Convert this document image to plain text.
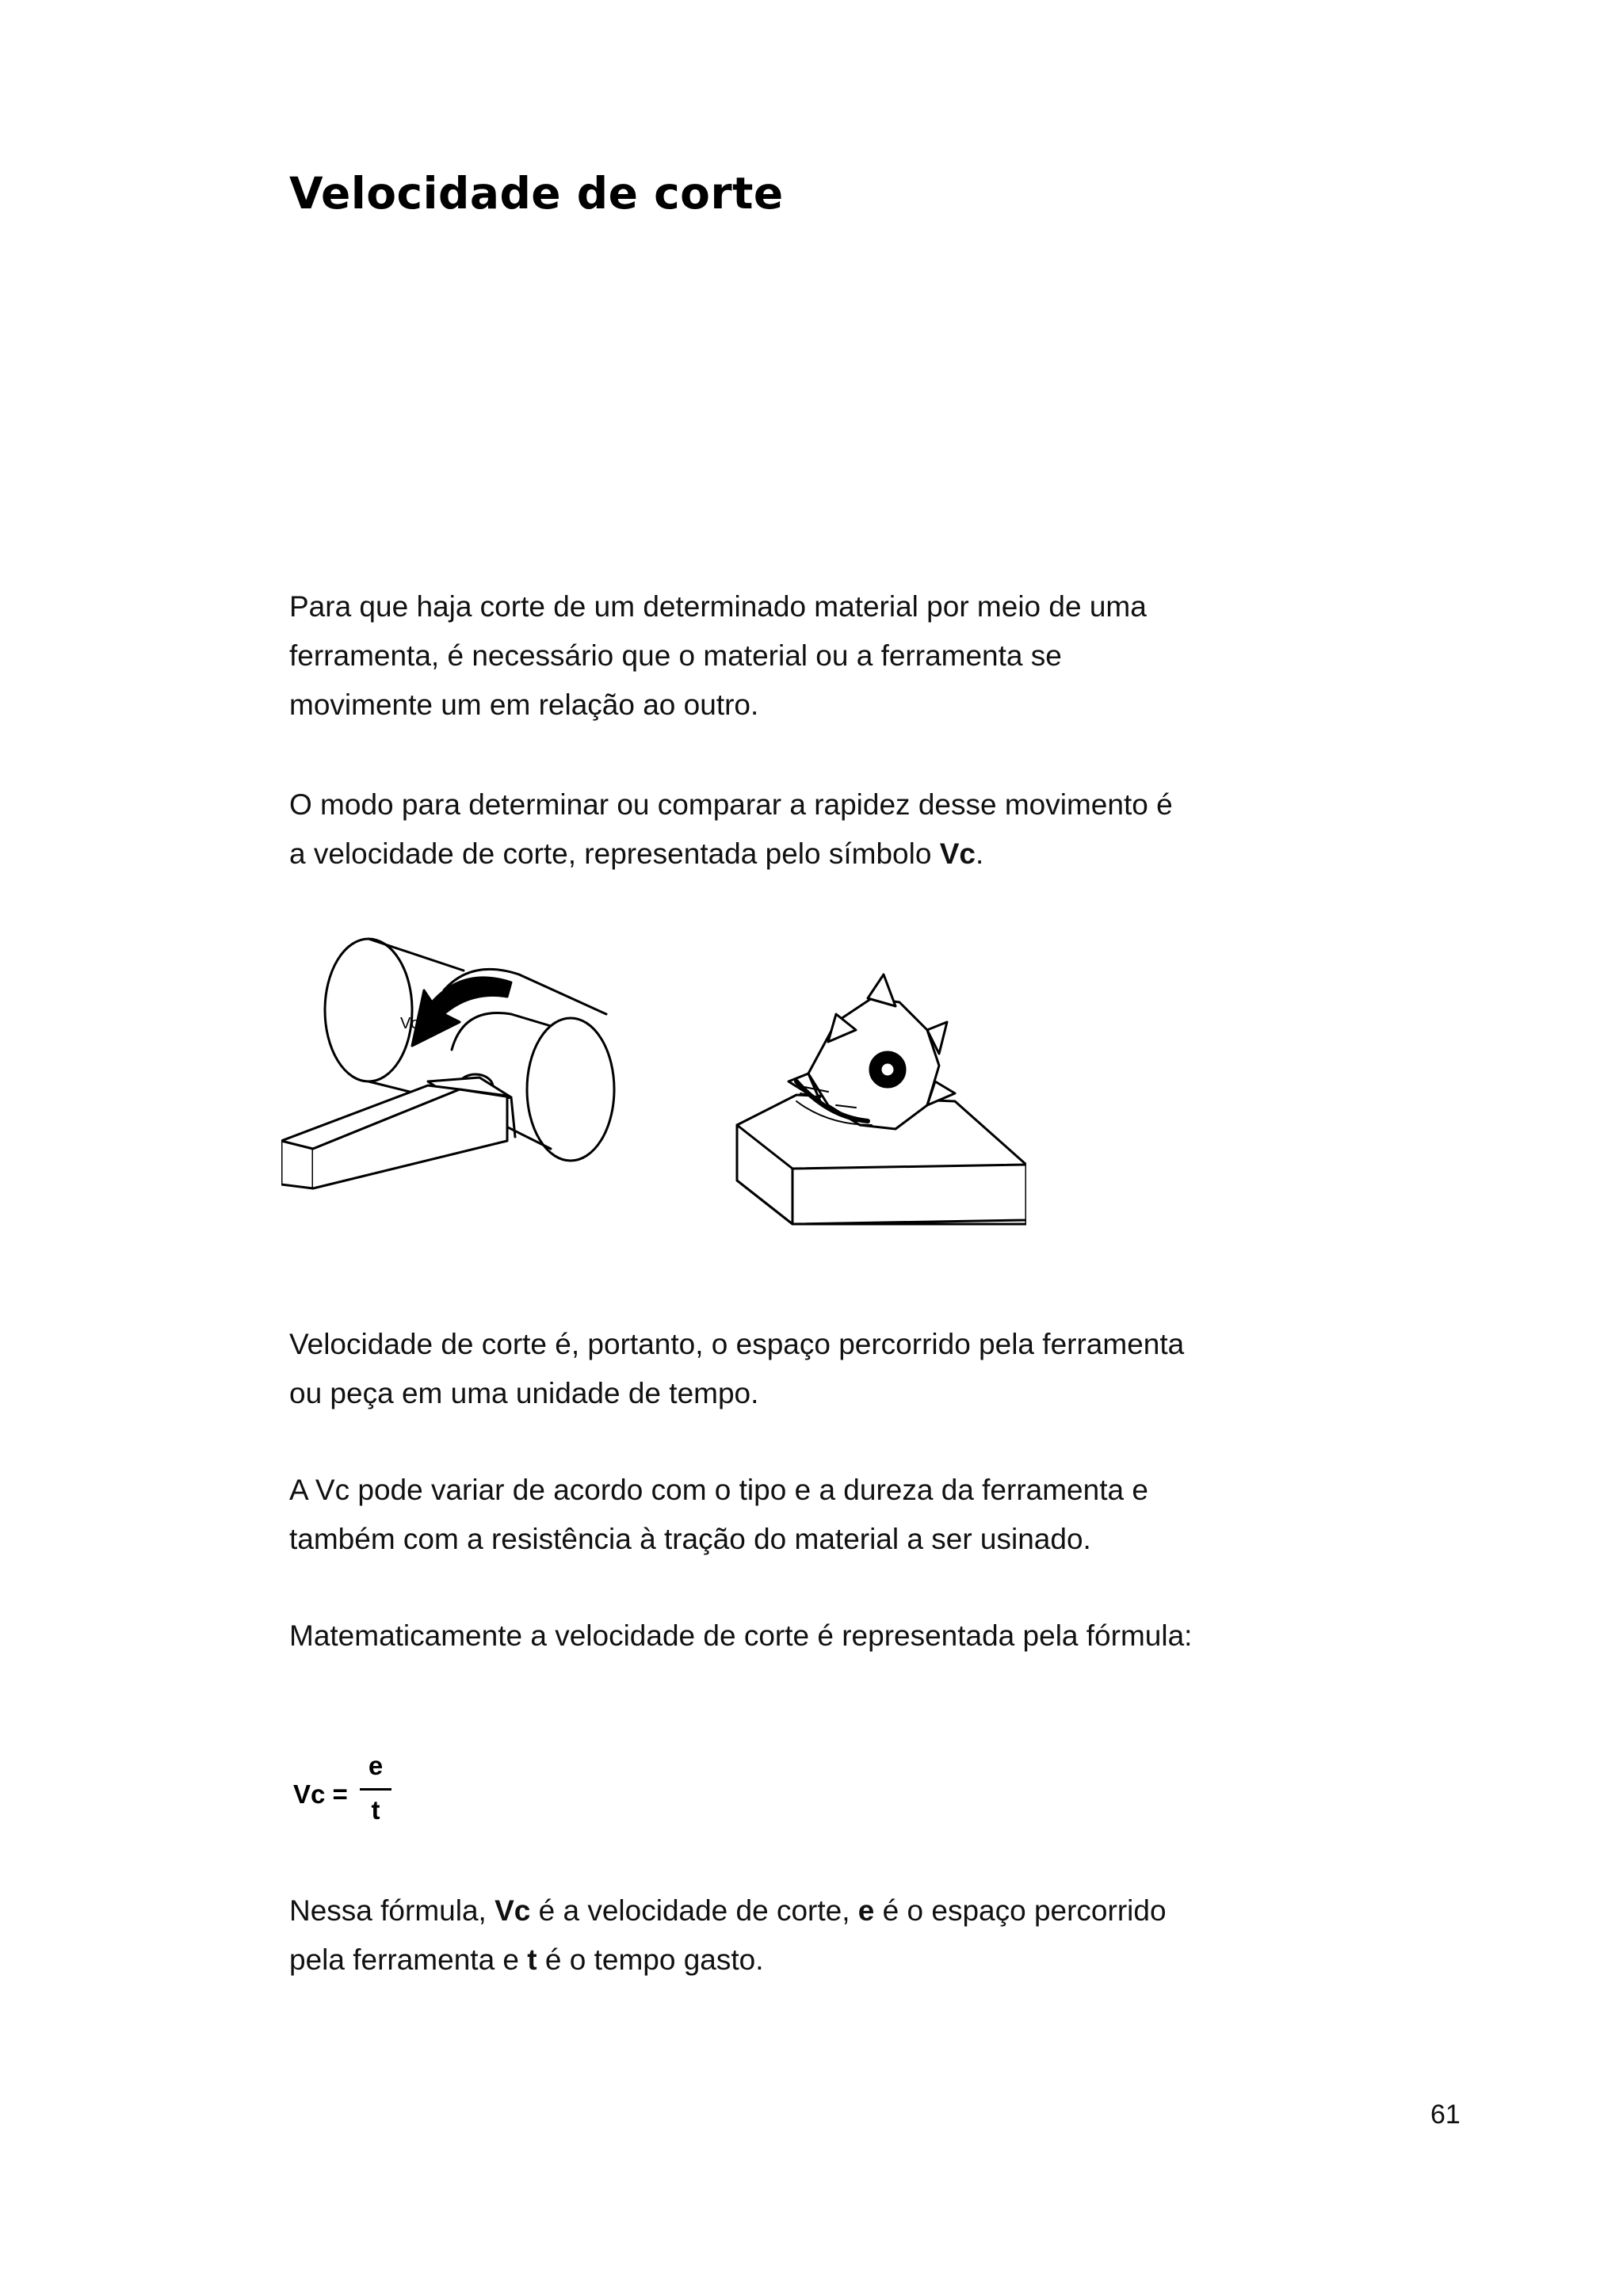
Velocidade de corte

Para que haja corte de um determinado material por meio de uma ferramenta, é necessário que o material ou a ferramenta se movimente um em relação ao outro.

O modo para determinar ou comparar a rapidez desse movimento é a velocidade de corte, representada pelo símbolo Vc.

Vc

Velocidade de corte é, portanto, o espaço percorrido pela ferramenta ou peça em uma unidade de tempo.

A Vc pode variar de acordo com o tipo e a dureza da ferramenta e também com a resistência à tração do material a ser usinado.

Matematicamente a velocidade de corte é representada pela fórmula:

Vc =
e
t

Nessa fórmula, Vc é a velocidade de corte, e é o espaço percorrido pela ferramenta e t é o tempo gasto.

61
